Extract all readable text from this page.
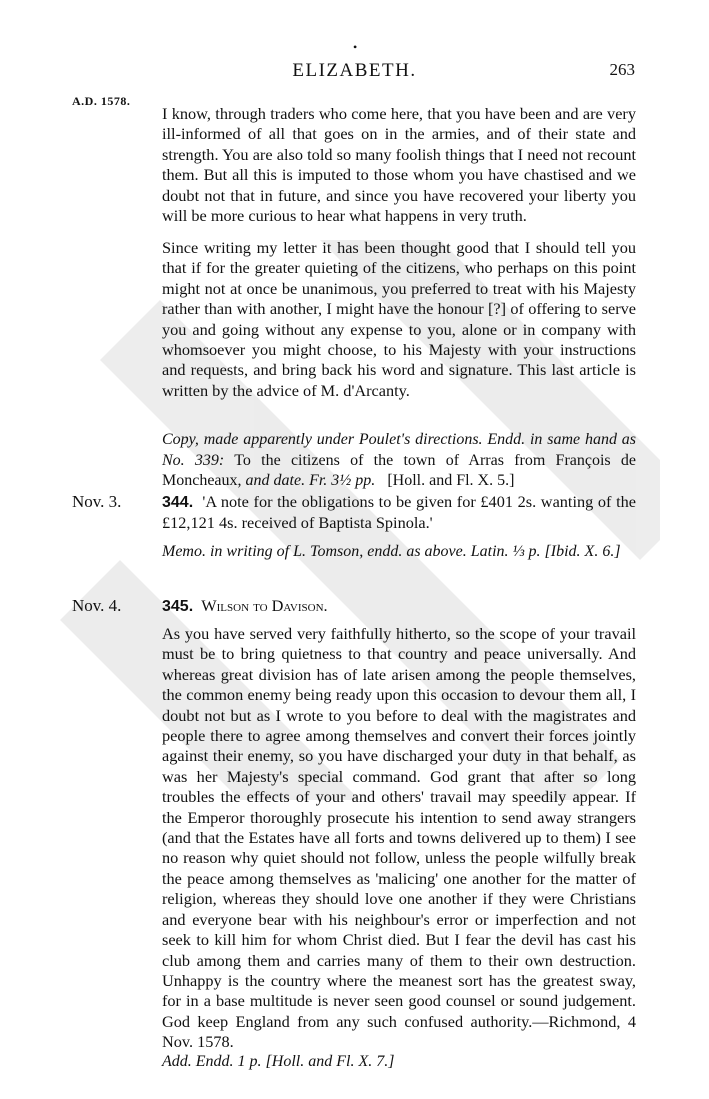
•
ELIZABETH.	263
A.D. 1578.
I know, through traders who come here, that you have been and are very ill-informed of all that goes on in the armies, and of their state and strength. You are also told so many foolish things that I need not recount them. But all this is imputed to those whom you have chastised and we doubt not that in future, and since you have recovered your liberty you will be more curious to hear what happens in very truth.
Since writing my letter it has been thought good that I should tell you that if for the greater quieting of the citizens, who perhaps on this point might not at once be unanimous, you preferred to treat with his Majesty rather than with another, I might have the honour [?] of offering to serve you and going without any expense to you, alone or in company with whomsoever you might choose, to his Majesty with your instructions and requests, and bring back his word and signature. This last article is written by the advice of M. d'Arcanty.
Copy, made apparently under Poulet's directions. Endd. in same hand as No. 339: To the citizens of the town of Arras from François de Moncheaux, and date. Fr. 3½ pp. [Holl. and Fl. X. 5.]
Nov. 3.	344. 'A note for the obligations to be given for £401 2s. wanting of the £12,121 4s. received of Baptista Spinola.'
Memo. in writing of L. Tomson, endd. as above. Latin. ⅓ p. [Ibid. X. 6.]
Nov. 4.	345. Wilson to Davison.
As you have served very faithfully hitherto, so the scope of your travail must be to bring quietness to that country and peace universally. And whereas great division has of late arisen among the people themselves, the common enemy being ready upon this occasion to devour them all, I doubt not but as I wrote to you before to deal with the magistrates and people there to agree among themselves and convert their forces jointly against their enemy, so you have discharged your duty in that behalf, as was her Majesty's special command. God grant that after so long troubles the effects of your and others' travail may speedily appear. If the Emperor thoroughly prosecute his intention to send away strangers (and that the Estates have all forts and towns delivered up to them) I see no reason why quiet should not follow, unless the people wilfully break the peace among themselves as 'malicing' one another for the matter of religion, whereas they should love one another if they were Christians and everyone bear with his neighbour's error or imperfection and not seek to kill him for whom Christ died. But I fear the devil has cast his club among them and carries many of them to their own destruction. Unhappy is the country where the meanest sort has the greatest sway, for in a base multitude is never seen good counsel or sound judgement. God keep England from any such confused authority.—Richmond, 4 Nov. 1578.
Add. Endd. 1 p. [Holl. and Fl. X. 7.]
